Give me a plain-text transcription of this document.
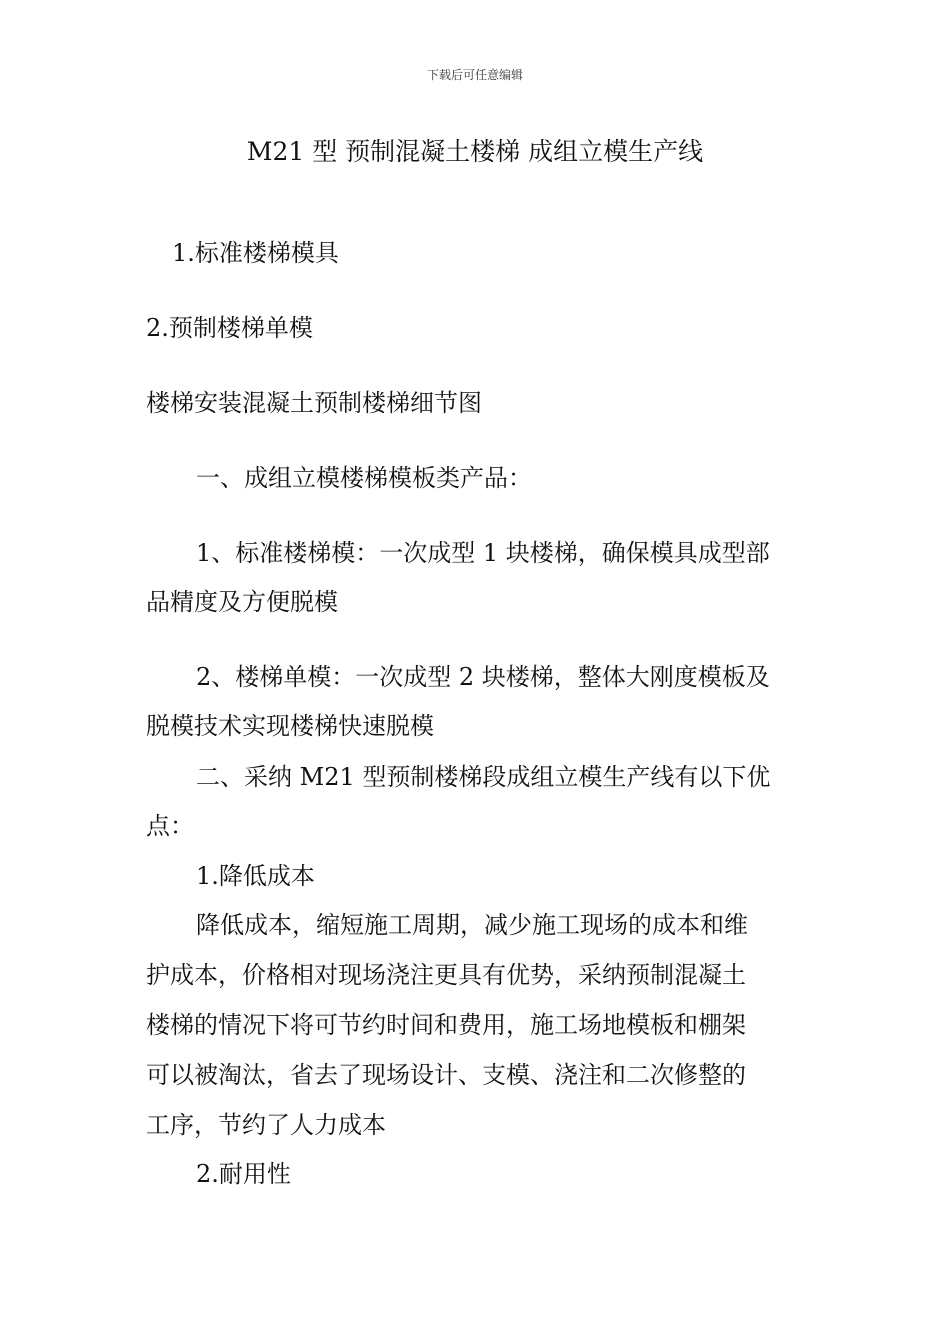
下载后可任意编辑
M21 型 预制混凝土楼梯 成组立模生产线
1.标准楼梯模具
2.预制楼梯单模
楼梯安装混凝土预制楼梯细节图
一、成组立模楼梯模板类产品：
1、标准楼梯模：一次成型 1 块楼梯，确保模具成型部
品精度及方便脱模
2、楼梯单模：一次成型 2 块楼梯，整体大刚度模板及
脱模技术实现楼梯快速脱模
二、采纳 M21 型预制楼梯段成组立模生产线有以下优
点：
1.降低成本
降低成本，缩短施工周期，减少施工现场的成本和维
护成本，价格相对现场浇注更具有优势，采纳预制混凝土
楼梯的情况下将可节约时间和费用，施工场地模板和棚架
可以被淘汰，省去了现场设计、支模、浇注和二次修整的
工序，节约了人力成本
2.耐用性
